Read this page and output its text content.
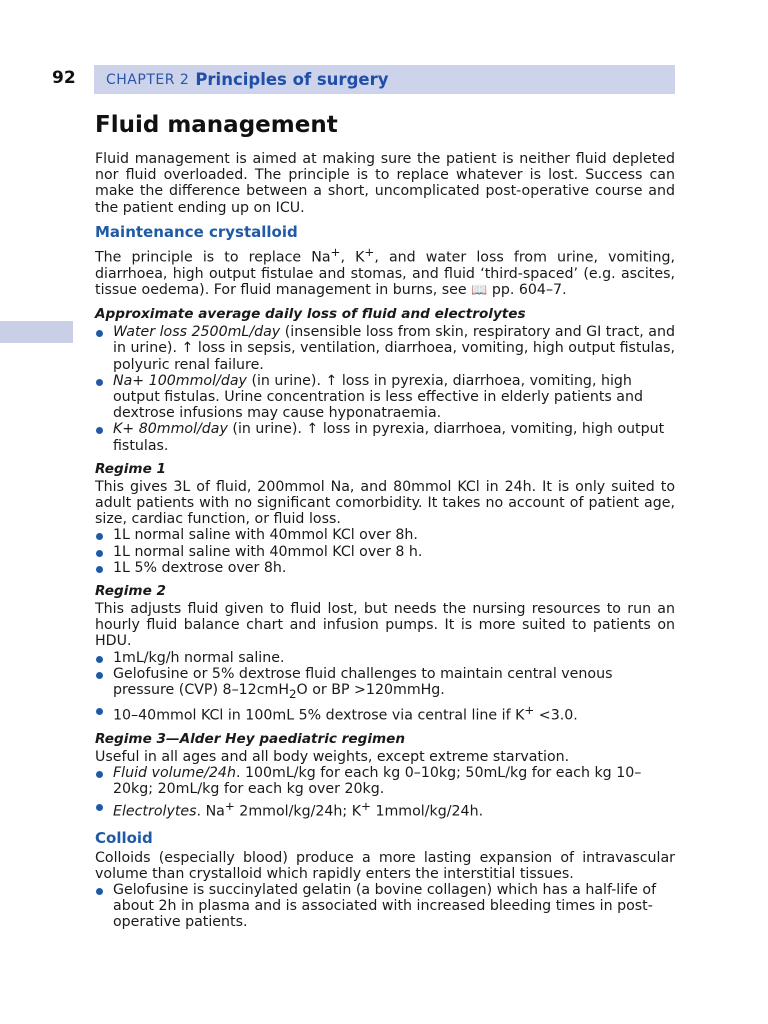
92 CHAPTER 2 Principles of surgery
Fluid management

Fluid management is aimed at making sure the patient is neither fluid depleted nor fluid overloaded. The principle is to replace whatever is lost. Success can make the difference between a short, uncomplicated post-operative course and the patient ending up on ICU.

Maintenance crystalloid

The principle is to replace Na+, K+, and water loss from urine, vomiting, diarrhoea, high output fistulae and stomas, and fluid ‘third-spaced’ (e.g. ascites, tissue oedema). For fluid management in burns, see 📖 pp. 604–7.

Approximate average daily loss of fluid and electrolytes
Water loss 2500mL/day (insensible loss from skin, respiratory and GI tract, and in urine). ↑ loss in sepsis, ventilation, diarrhoea, vomiting, high output fistulas, polyuric renal failure.
Na+ 100mmol/day (in urine). ↑ loss in pyrexia, diarrhoea, vomiting, high output fistulas. Urine concentration is less effective in elderly patients and dextrose infusions may cause hyponatraemia.
K+ 80mmol/day (in urine). ↑ loss in pyrexia, diarrhoea, vomiting, high output fistulas.
Regime 1

This gives 3L of fluid, 200mmol Na, and 80mmol KCl in 24h. It is only suited to adult patients with no significant comorbidity. It takes no account of patient age, size, cardiac function, or fluid loss.

1L normal saline with 40mmol KCl over 8h.
1L normal saline with 40mmol KCl over 8 h.
1L 5% dextrose over 8h.
Regime 2

This adjusts fluid given to fluid lost, but needs the nursing resources to run an hourly fluid balance chart and infusion pumps. It is more suited to patients on HDU.

1mL/kg/h normal saline.
Gelofusine or 5% dextrose fluid challenges to maintain central venous pressure (CVP) 8–12cmH$_2$O or BP >120mmHg.
10–40mmol KCl in 100mL 5% dextrose via central line if K+ <3.0.
Regime 3—Alder Hey paediatric regimen

Useful in all ages and all body weights, except extreme starvation.

Fluid volume/24h. 100mL/kg for each kg 0–10kg; 50mL/kg for each kg 10–20kg; 20mL/kg for each kg over 20kg.
Electrolytes. Na+ 2mmol/kg/24h; K+ 1mmol/kg/24h.
Colloid

Colloids (especially blood) produce a more lasting expansion of intravascular volume than crystalloid which rapidly enters the interstitial tissues.

Gelofusine is succinylated gelatin (a bovine collagen) which has a half-life of about 2h in plasma and is associated with increased bleeding times in post-operative patients.
